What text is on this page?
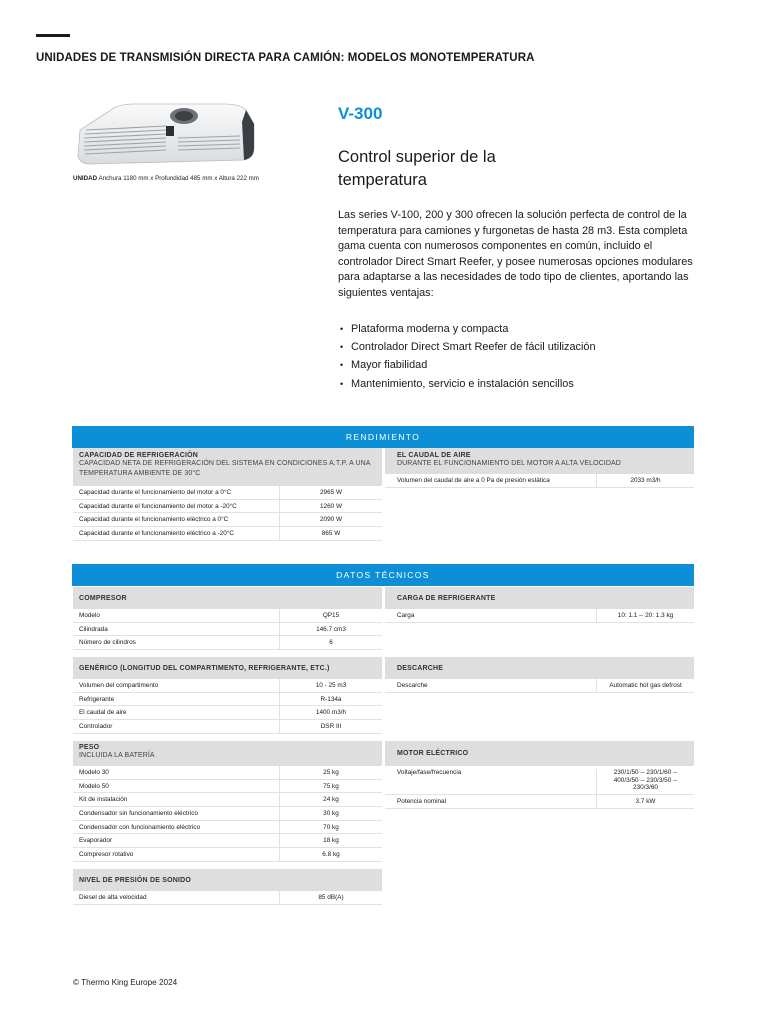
UNIDADES DE TRANSMISIÓN DIRECTA PARA CAMIÓN: MODELOS MONOTEMPERATURA
UNIDAD Anchura 1180 mm x Profundidad 485 mm x Altura 222 mm
V-300
Control superior de la temperatura
Las series V-100, 200 y 300 ofrecen la solución perfecta de control de la temperatura para camiones y furgonetas de hasta 28 m3. Esta completa gama cuenta con numerosos componentes en común, incluido el controlador Direct Smart Reefer, y posee numerosas opciones modulares para adaptarse a las necesidades de todo tipo de clientes, aportando las siguientes ventajas:
• Plataforma moderna y compacta
• Controlador Direct Smart Reefer de fácil utilización
• Mayor fiabilidad
• Mantenimiento, servicio e instalación sencillos
RENDIMIENTO
CAPACIDAD DE REFRIGERACIÓN
CAPACIDAD NETA DE REFRIGERACIÓN DEL SISTEMA EN CONDICIONES A.T.P. A UNA TEMPERATURA AMBIENTE DE 30°C
Capacidad durante el funcionamiento del motor a 0°C	2965 W
Capacidad durante el funcionamiento del motor a -20°C	1260 W
Capacidad durante el funcionamiento eléctrico a 0°C	2090 W
Capacidad durante el funcionamiento eléctrico a -20°C	865 W
EL CAUDAL DE AIRE
DURANTE EL FUNCIONAMIENTO DEL MOTOR A ALTA VELOCIDAD
Volumen del caudal de aire a 0 Pa de presión estática	2033 m3/h
DATOS TÉCNICOS
COMPRESOR
Modelo	QP15
Cilindrada	146.7 cm3
Número de cilindros	6
GENÉRICO (LONGITUD DEL COMPARTIMENTO, REFRIGERANTE, ETC.)
Volumen del compartimento	10 - 25 m3
Refrigerante	R-134a
El caudal de aire	1400 m3/h
Controlador	DSR III
PESO
INCLUIDA LA BATERÍA
Modelo 30	25 kg
Modelo 50	75 kg
Kit de instalación	24 kg
Condensador sin funcionamiento eléctrico	30 kg
Condensador con funcionamiento eléctrico	70 kg
Evaporador	18 kg
Compresor rotativo	6.8 kg
NIVEL DE PRESIÓN DE SONIDO
Diesel de alta velocidad	85 dB(A)
CARGA DE REFRIGERANTE
Carga	10: 1.1 -- 20: 1.3 kg
DESCARCHE
Descarche	Automatic hot gas defrost
MOTOR ELÉCTRICO
Voltaje/fase/frecuencia	230/1/50 -- 230/1/60 -- 400/3/50 -- 230/3/50 -- 230/3/60
Potencia nominal	3.7 kW
© Thermo King Europe 2024
